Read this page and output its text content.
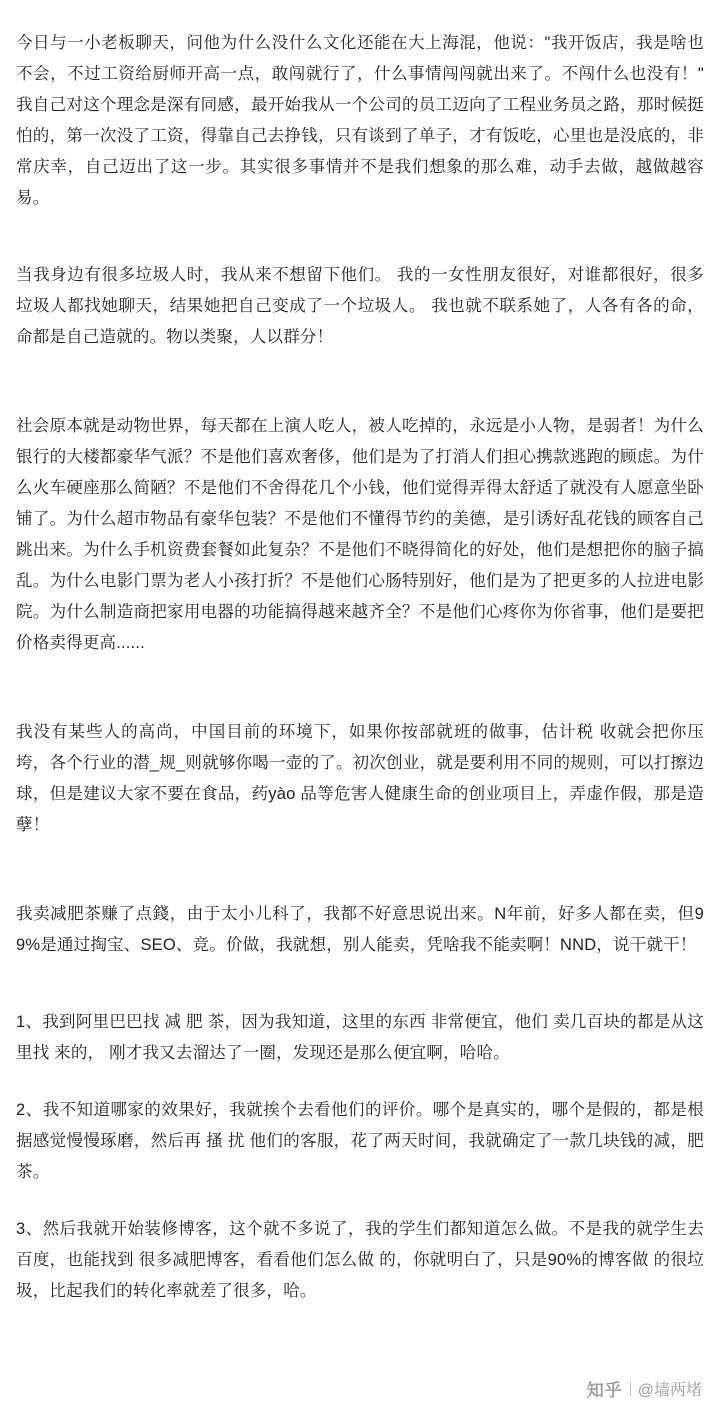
今日与一小老板聊天，问他为什么没什么文化还能在大上海混，他说："我开饭店，我是啥也不会，不过工资给厨师开高一点，敢闯就行了，什么事情闯闯就出来了。不闯什么也没有！" 我自己对这个理念是深有同感，最开始我从一个公司的员工迈向了工程业务员之路，那时候挺怕的，第一次没了工资，得靠自己去挣钱，只有谈到了单子，才有饭吃，心里也是没底的，非常庆幸，自己迈出了这一步。其实很多事情并不是我们想象的那么难，动手去做，越做越容易。

当我身边有很多垃圾人时，我从来不想留下他们。 我的一女性朋友很好，对谁都很好，很多垃圾人都找她聊天，结果她把自己变成了一个垃圾人。 我也就不联系她了，人各有各的命， 命都是自己造就的。物以类聚，人以群分！

社会原本就是动物世界，每天都在上演人吃人，被人吃掉的，永远是小人物，是弱者！为什么银行的大楼都豪华气派？不是他们喜欢奢侈，他们是为了打消人们担心携款逃跑的顾虑。为什么火车硬座那么简陋？不是他们不舍得花几个小钱，他们觉得弄得太舒适了就没有人愿意坐卧铺了。为什么超市物品有豪华包装？不是他们不懂得节约的美德，是引诱好乱花钱的顾客自己跳出来。为什么手机资费套餐如此复杂？不是他们不晓得简化的好处，他们是想把你的脑子搞乱。为什么电影门票为老人小孩打折？不是他们心肠特别好，他们是为了把更多的人拉进电影院。为什么制造商把家用电器的功能搞得越来越齐全？不是他们心疼你为你省事，他们是要把价格卖得更高......

我没有某些人的高尚，中国目前的环境下，如果你按部就班的做事，估计税 收就会把你压垮，各个行业的潜_规_则就够你喝一壶的了。初次创业，就是要利用不同的规则，可以打擦边球，但是建议大家不要在食品，药yào 品等危害人健康生命的创业项目上，弄虚作假，那是造孽！

我卖减肥茶赚了点錢，由于太小儿科了，我都不好意思说出来。N年前，好多人都在卖，但99%是通过掏宝、SEO、竞。价做，我就想，别人能卖，凭啥我不能卖啊！NND，说干就干！

1、我到阿里巴巴找 减 肥 茶，因为我知道，这里的东西 非常便宜，他们 卖几百块的都是从这里找 来的， 刚才我又去溜达了一圈，发现还是那么便宜啊，哈哈。

2、我不知道哪家的效果好，我就挨个去看他们的评价。哪个是真实的，哪个是假的，都是根据感觉慢慢琢磨，然后再 搔 扰 他们的客服，花了两天时间，我就确定了一款几块钱的减，肥 茶。

3、然后我就开始装修博客，这个就不多说了，我的学生们都知道怎么做。不是我的就学生去百度，也能找到 很多减肥博客，看看他们怎么做 的，你就明白了，只是90%的博客做 的很垃圾，比起我们的转化率就差了很多，哈。

知乎 @墙两堵
